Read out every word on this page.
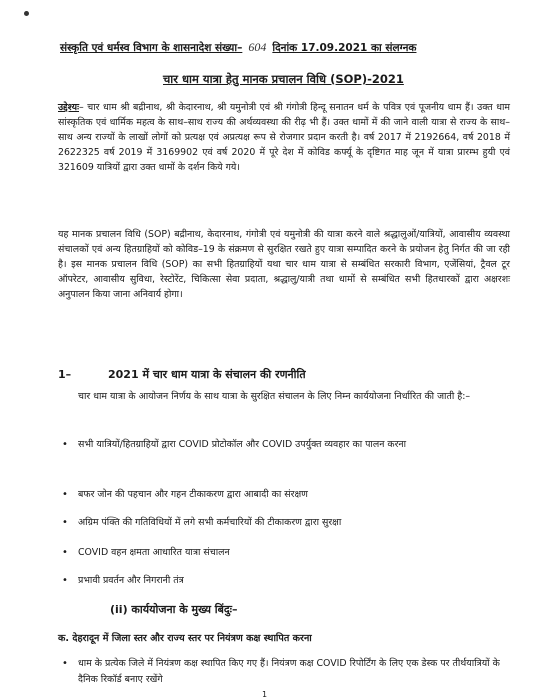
संस्कृति एवं धर्मस्व विभाग के शासनादेश संख्या– 604 दिनांक 17.09.2021 का संलग्नक
चार धाम यात्रा हेतु मानक प्रचालन विधि (SOP)-2021
उद्देश्यः– चार धाम श्री बद्रीनाथ, श्री केदारनाथ, श्री यमुनोत्री एवं श्री गंगोत्री हिन्दू सनातन धर्म के पवित्र एवं पूजनीय धाम हैं। उक्त धाम सांस्कृतिक एवं धार्मिक महत्व के साथ–साथ राज्य की अर्थव्यवस्था की रीढ़ भी हैं। उक्त धामों में की जाने वाली यात्रा से राज्य के साथ–साथ अन्य राज्यों के लाखों लोगों को प्रत्यक्ष एवं अप्रत्यक्ष रूप से रोजगार प्रदान करती है। वर्ष 2017 में 2192664, वर्ष 2018 में 2622325 वर्ष 2019 में 3169902 एवं वर्ष 2020 में पूरे देश में कोविड कर्फ्यू के दृष्टिगत माह जून में यात्रा प्रारम्भ हुयी एवं 321609 यात्रियों द्वारा उक्त धामों के दर्शन किये गये।
यह मानक प्रचालन विधि (SOP) बद्रीनाथ, केदारनाथ, गंगोत्री एवं यमुनोत्री की यात्रा करने वाले श्रद्धालुओं/यात्रियों, आवासीय व्यवस्था संचालकों एवं अन्य हितग्राहियों को कोविड–19 के संक्रमण से सुरक्षित रखते हुए यात्रा सम्पादित करने के प्रयोजन हेतु निर्गत की जा रही है। इस मानक प्रचालन विधि (SOP) का सभी हितग्राहियों यथा चार धाम यात्रा से सम्बंधित सरकारी विभाग, एजेंसियां, ट्रैवल टूर ऑपरेटर, आवासीय सुविधा, रेस्टोरेंट, चिकित्सा सेवा प्रदाता, श्रद्धालु/यात्री तथा धामों से सम्बंधित सभी हितधारकों द्वारा अक्षरशः अनुपालन किया जाना अनिवार्य होगा।
1–	2021 में चार धाम यात्रा के संचालन की रणनीति
चार धाम यात्रा के आयोजन निर्णय के साथ यात्रा के सुरक्षित संचालन के लिए निम्न कार्ययोजना निर्धारित की जाती है:–
• सभी यात्रियों/हितग्राहियों द्वारा COVID प्रोटोकॉल और COVID उपर्युक्त व्यवहार का पालन करना
• बफर जोन की पहचान और गहन टीकाकरण द्वारा आबादी का संरक्षण
• अग्रिम पंक्ति की गतिविधियों में लगे सभी कर्मचारियों की टीकाकरण द्वारा सुरक्षा
• COVID वहन क्षमता आधारित यात्रा संचालन
• प्रभावी प्रवर्तन और निगरानी तंत्र
(ii) कार्ययोजना के मुख्य बिंदुः–
क. देहरादून में जिला स्तर और राज्य स्तर पर नियंत्रण कक्ष स्थापित करना
• धाम के प्रत्येक जिले में नियंत्रण कक्ष स्थापित किए गए हैं। नियंत्रण कक्ष COVID रिपोर्टिंग के लिए एक डेस्क पर तीर्थयात्रियों के दैनिक रिकॉर्ड बनाए रखेंगे
1
